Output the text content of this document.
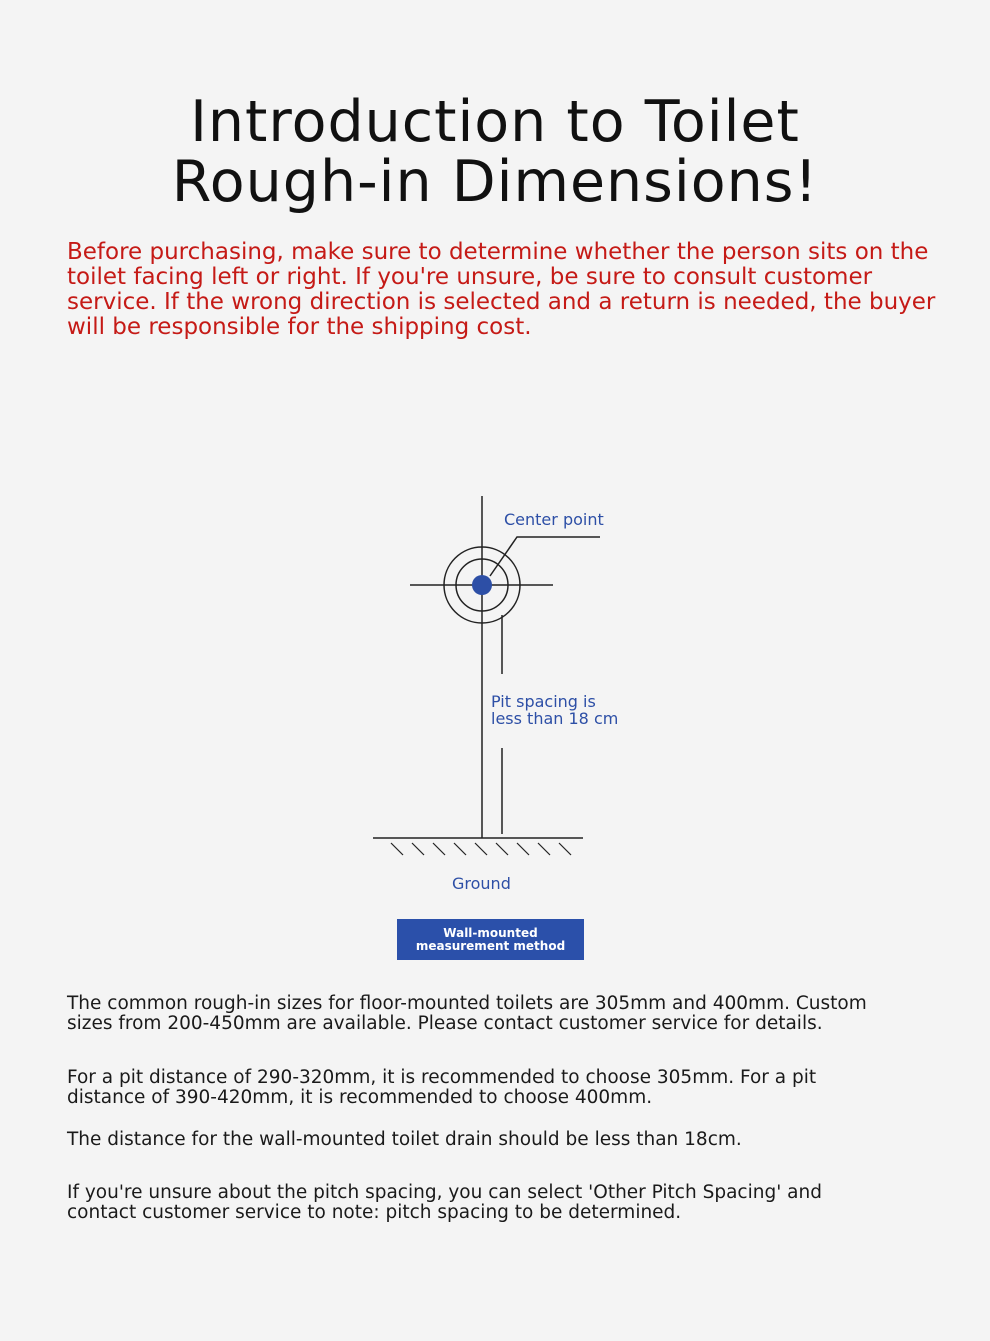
Introduction to Toilet
Rough-in Dimensions!

Before purchasing, make sure to determine whether the person sits on the toilet facing left or right. If you're unsure, be sure to consult customer service. If the wrong direction is selected and a return is needed, the buyer will be responsible for the shipping cost.

Center point
Pit spacing is
less than 18 cm
Ground
Wall-mounted
measurement method

The common rough-in sizes for floor-mounted toilets are 305mm and 400mm. Custom sizes from 200-450mm are available. Please contact customer service for details.

For a pit distance of 290-320mm, it is recommended to choose 305mm. For a pit distance of 390-420mm, it is recommended to choose 400mm.

The distance for the wall-mounted toilet drain should be less than 18cm.

If you're unsure about the pitch spacing, you can select 'Other Pitch Spacing' and contact customer service to note: pitch spacing to be determined.
